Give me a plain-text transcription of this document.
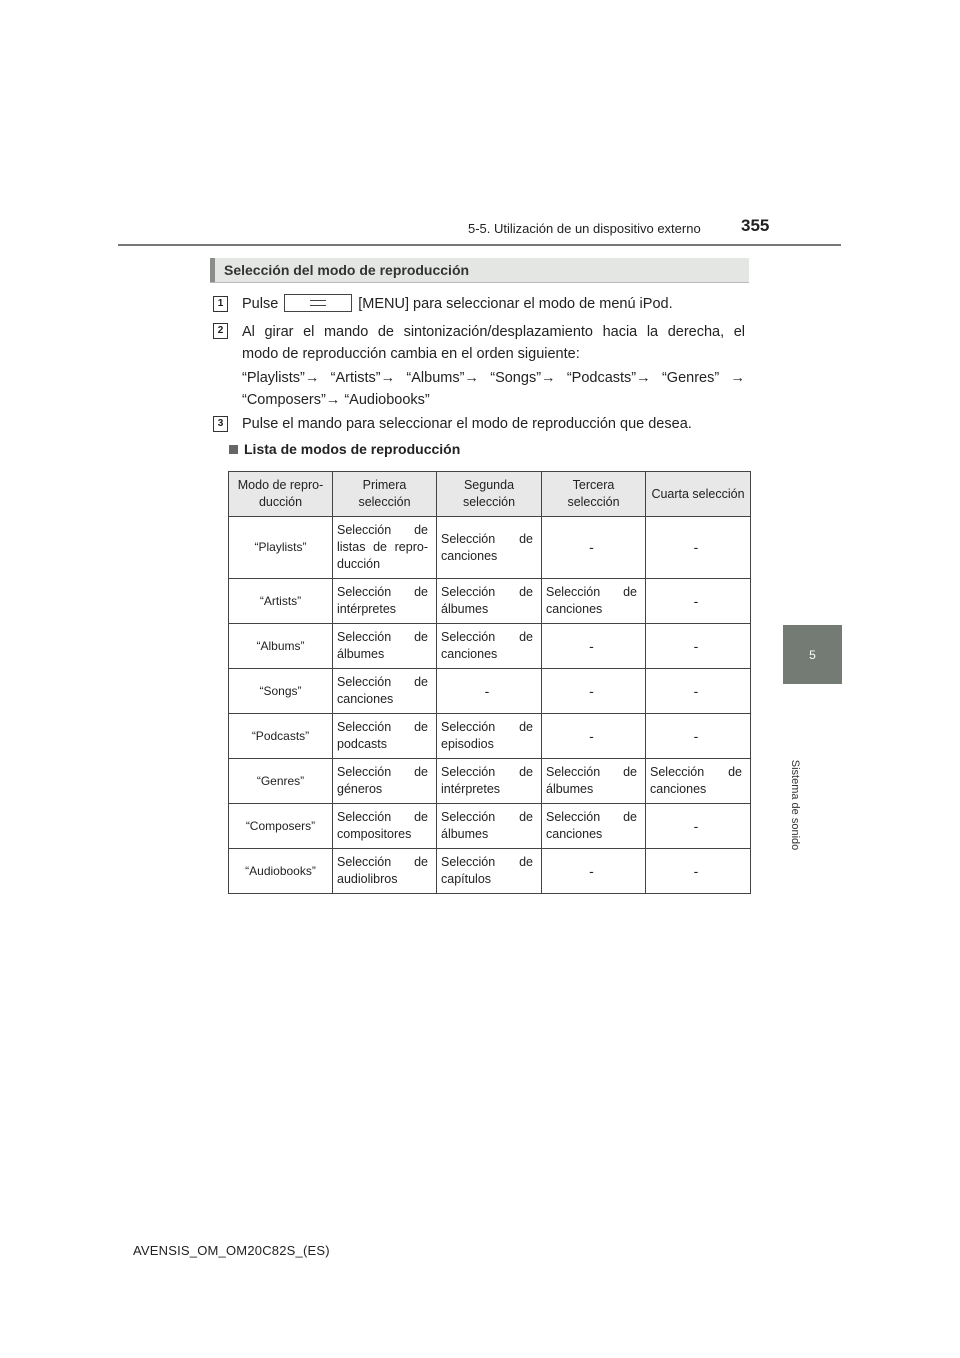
5-5. Utilización de un dispositivo externo 355
5
Sistema de sonido
Selección del modo de reproducción
1	Pulse	[MENU] para seleccionar el modo de menú iPod.
2	Al girar el mando de sintonización/desplazamiento hacia la derecha, el
modo de reproducción cambia en el orden siguiente:
“Playlists”→ “Artists”→ “Albums”→ “Songs”→ “Podcasts”→ “Genres” →
“Composers”→ “Audiobooks”
3	Pulse el mando para seleccionar el modo de reproducción que desea.
Lista de modos de reproducción
Modo de repro-ducción	Primera selección	Segunda selección	Tercera selección	Cuarta selección
“Playlists”	Selección de listas de repro-ducción	Selección de canciones	-	-
“Artists”	Selección de intérpretes	Selección de álbumes	Selección de canciones	-
“Albums”	Selección de álbumes	Selección de canciones	-	-
“Songs”	Selección de canciones	-	-	-
“Podcasts”	Selección de podcasts	Selección de episodios	-	-
“Genres”	Selección de géneros	Selección de intérpretes	Selección de álbumes	Selección de canciones
“Composers”	Selección de compositores	Selección de álbumes	Selección de canciones	-
“Audiobooks”	Selección de audiolibros	Selección de capítulos	-	-
AVENSIS_OM_OM20C82S_(ES)
